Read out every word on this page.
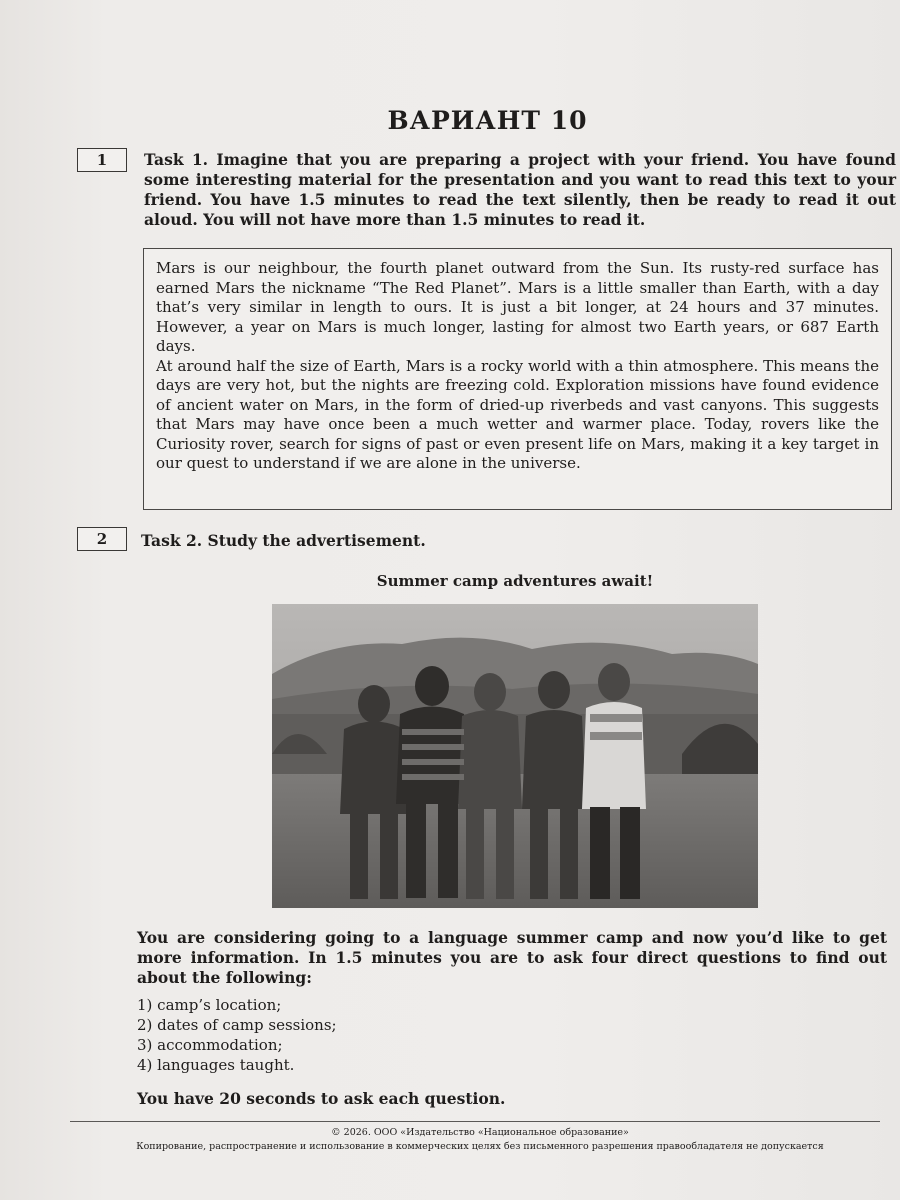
ВАРИАНТ 10
1	Task 1. Imagine that you are preparing a project with your friend. You have found some interesting material for the presentation and you want to read this text to your friend. You have 1.5 minutes to read the text silently, then be ready to read it out aloud. You will not have more than 1.5 minutes to read it.

Mars is our neighbour, the fourth planet outward from the Sun. Its rusty-red surface has earned Mars the nickname “The Red Planet”. Mars is a little smaller than Earth, with a day that’s very similar in length to ours. It is just a bit longer, at 24 hours and 37 minutes. However, a year on Mars is much longer, lasting for almost two Earth years, or 687 Earth days.

At around half the size of Earth, Mars is a rocky world with a thin atmosphere. This means the days are very hot, but the nights are freezing cold. Exploration missions have found evidence of ancient water on Mars, in the form of dried-up riverbeds and vast canyons. This suggests that Mars may have once been a much wetter and warmer place. Today, rovers like the Curiosity rover, search for signs of past or even present life on Mars, making it a key target in our quest to understand if we are alone in the universe.

2	Task 2. Study the advertisement.
Summer camp adventures await!
You are considering going to a language summer camp and now you’d like to get more information. In 1.5 minutes you are to ask four direct questions to find out about the following:
1) camp’s location;
2) dates of camp sessions;
3) accommodation;
4) languages taught.
You have 20 seconds to ask each question.
© 2026. ООО «Издательство «Национальное образование»
Копирование, распространение и использование в коммерческих целях без письменного разрешения правообладателя не допускается
